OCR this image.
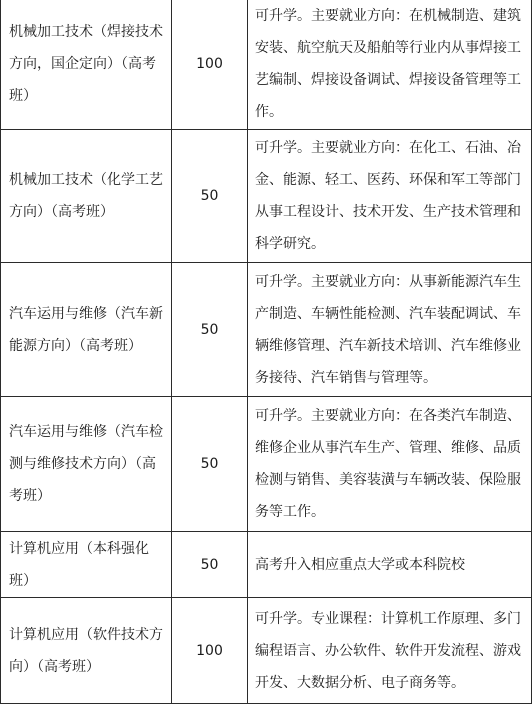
机械加工技术（焊接技术方向，国企定向）（高考班）	100	可升学。主要就业方向：在机械制造、建筑安装、航空航天及船舶等行业内从事焊接工艺编制、焊接设备调试、焊接设备管理等工作。
机械加工技术（化学工艺方向）（高考班）	50	可升学。主要就业方向：在化工、石油、冶金、能源、轻工、医药、环保和军工等部门从事工程设计、技术开发、生产技术管理和科学研究。
汽车运用与维修（汽车新能源方向）（高考班）	50	可升学。主要就业方向：从事新能源汽车生产制造、车辆性能检测、汽车装配调试、车辆维修管理、汽车新技术培训、汽车维修业务接待、汽车销售与管理等。
汽车运用与维修（汽车检测与维修技术方向）（高考班）	50	可升学。主要就业方向：在各类汽车制造、维修企业从事汽车生产、管理、维修、品质检测与销售、美容装潢与车辆改装、保险服务等工作。
计算机应用（本科强化班）	50	高考升入相应重点大学或本科院校
计算机应用（软件技术方向）（高考班）	100	可升学。专业课程：计算机工作原理、多门编程语言、办公软件、软件开发流程、游戏开发、大数据分析、电子商务等。
